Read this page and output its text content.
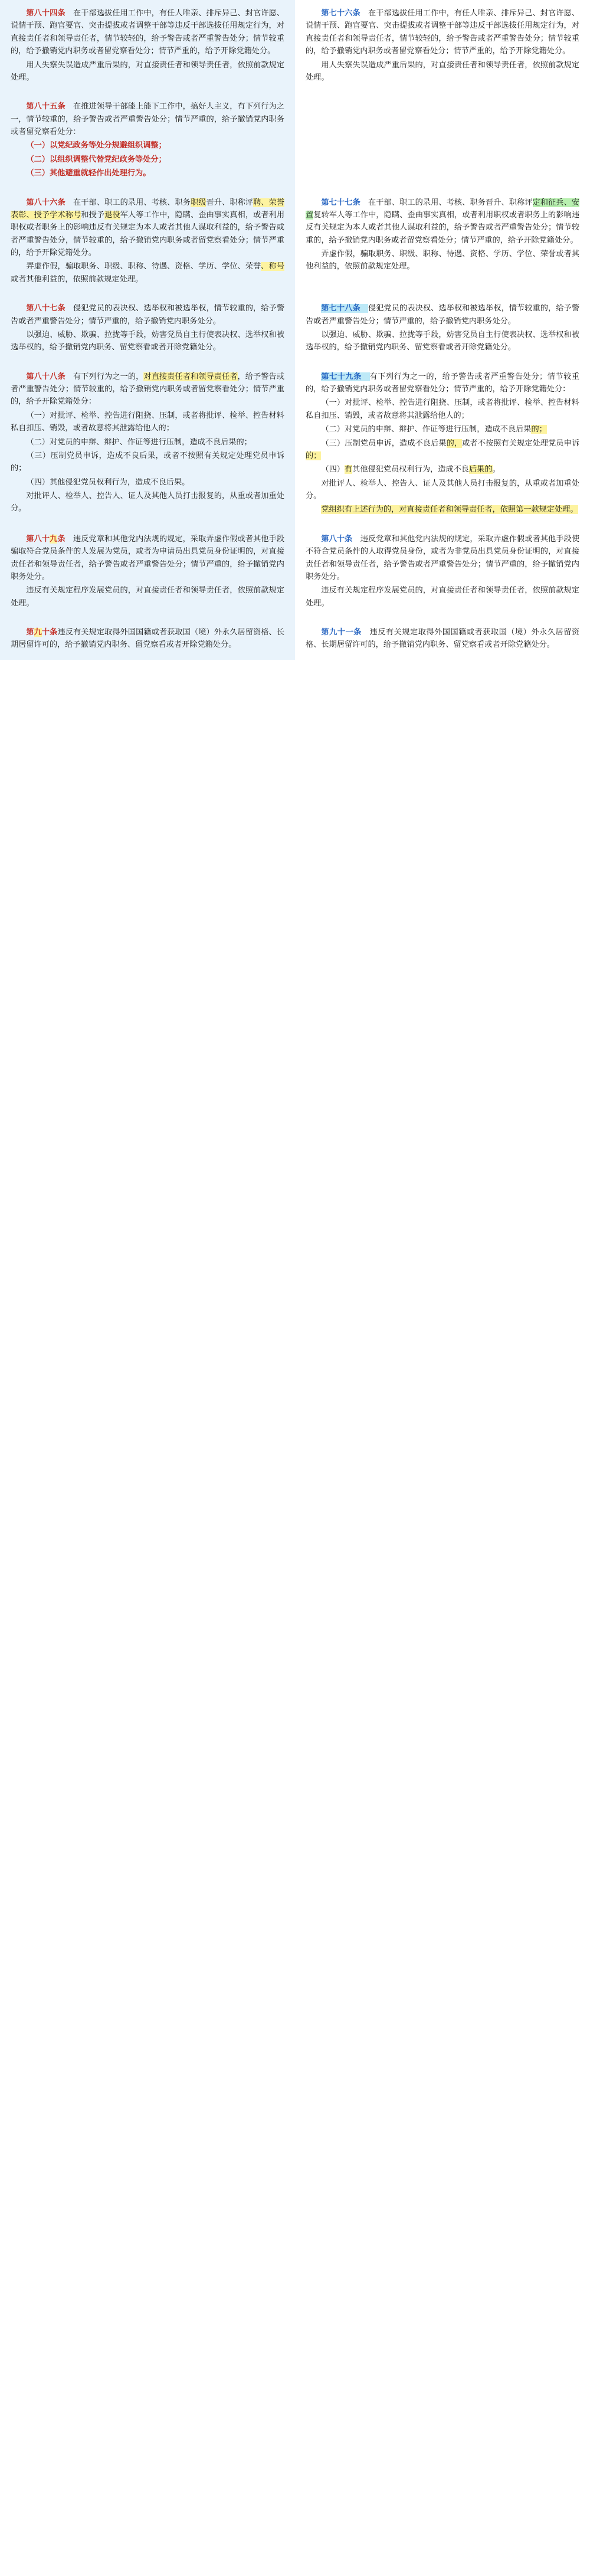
第八十四条　在干部选拔任用工作中，有任人唯亲、排斥异己、封官许愿、说情干预、跑官要官、突击提拔或者调整干部等违反干部选拔任用规定行为，对直接责任者和领导责任者，情节较轻的，给予警告或者严重警告处分；情节较重的，给予撤销党内职务或者留党察看处分；情节严重的，给予开除党籍处分。

用人失察失误造成严重后果的，对直接责任者和领导责任者，依照前款规定处理。

第七十六条　在干部选拔任用工作中，有任人唯亲、排斥异己、封官许愿、说情干预、跑官要官、突击提拔或者调整干部等违反干部选拔任用规定行为，对直接责任者和领导责任者，情节较轻的，给予警告或者严重警告处分；情节较重的，给予撤销党内职务或者留党察看处分；情节严重的，给予开除党籍处分。

用人失察失误造成严重后果的，对直接责任者和领导责任者，依照前款规定处理。

第八十五条　在推进领导干部能上能下工作中，搞好人主义，有下列行为之一，情节较重的，给予警告或者严重警告处分；情节严重的，给予撤销党内职务或者留党察看处分：

（一）以党纪政务等处分规避组织调整；

（二）以组织调整代替党纪政务等处分；

（三）其他避重就轻作出处理行为。

第八十六条　在干部、职工的录用、考核、职务职级晋升、职称评聘、荣誉表彰、授予学术称号和授予退役军人等工作中，隐瞒、歪曲事实真相，或者利用职权或者职务上的影响违反有关规定为本人或者其他人谋取利益的，给予警告或者严重警告处分，情节较重的，给予撤销党内职务或者留党察看处分；情节严重的，给予开除党籍处分。

弄虚作假，骗取职务、职级、职称、待遇、资格、学历、学位、荣誉、称号或者其他利益的，依照前款规定处理。

第七十七条　在干部、职工的录用、考核、职务晋升、职称评定和征兵、安置复转军人等工作中，隐瞒、歪曲事实真相，或者利用职权或者职务上的影响违反有关规定为本人或者其他人谋取利益的，给予警告或者严重警告处分；情节较重的，给予撤销党内职务或者留党察看处分；情节严重的，给予开除党籍处分。

弄虚作假，骗取职务、职级、职称、待遇、资格、学历、学位、荣誉或者其他利益的，依照前款规定处理。

第八十七条　侵犯党员的表决权、选举权和被选举权，情节较重的，给予警告或者严重警告处分；情节严重的，给予撤销党内职务处分。

以强迫、威胁、欺骗、拉拢等手段，妨害党员自主行使表决权、选举权和被选举权的，给予撤销党内职务、留党察看或者开除党籍处分。

第七十八条　侵犯党员的表决权、选举权和被选举权，情节较重的，给予警告或者严重警告处分；情节严重的，给予撤销党内职务处分。

以强迫、威胁、欺骗、拉拢等手段，妨害党员自主行使表决权、选举权和被选举权的，给予撤销党内职务、留党察看或者开除党籍处分。

第八十八条　有下列行为之一的，对直接责任者和领导责任者，给予警告或者严重警告处分；情节较重的，给予撤销党内职务或者留党察看处分；情节严重的，给予开除党籍处分：

（一）对批评、检举、控告进行阻挠、压制，或者将批评、检举、控告材料私自扣压、销毁，或者故意将其泄露给他人的；

（二）对党员的申辩、辩护、作证等进行压制，造成不良后果的；

（三）压制党员申诉，造成不良后果，或者不按照有关规定处理党员申诉的；

（四）其他侵犯党员权利行为，造成不良后果。

对批评人、检举人、控告人、证人及其他人员打击报复的，从重或者加重处分。

第七十九条　有下列行为之一的，给予警告或者严重警告处分；情节较重的，给予撤销党内职务或者留党察看处分；情节严重的，给予开除党籍处分：

（一）对批评、检举、控告进行阻挠、压制，或者将批评、检举、控告材料私自扣压、销毁，或者故意将其泄露给他人的；

（二）对党员的申辩、辩护、作证等进行压制，造成不良后果的；

（三）压制党员申诉，造成不良后果的，或者不按照有关规定处理党员申诉的；

（四）有其他侵犯党员权利行为，造成不良后果的。

对批评人、检举人、控告人、证人及其他人员打击报复的，从重或者加重处分。

党组织有上述行为的，对直接责任者和领导责任者，依照第一款规定处理。

第八十九条　违反党章和其他党内法规的规定，采取弄虚作假或者其他手段骗取符合党员条件的人发展为党员，或者为申请员出具党员身份证明的，对直接责任者和领导责任者，给予警告或者严重警告处分；情节严重的，给予撤销党内职务处分。

违反有关规定程序发展党员的，对直接责任者和领导责任者，依照前款规定处理。

第八十条　违反党章和其他党内法规的规定，采取弄虚作假或者其他手段使不符合党员条件的人取得党员身份，或者为非党员出具党员身份证明的，对直接责任者和领导责任者，给予警告或者严重警告处分；情节严重的，给予撤销党内职务处分。

违反有关规定程序发展党员的，对直接责任者和领导责任者，依照前款规定处理。

第九十条违反有关规定取得外国国籍或者获取国（境）外永久居留资格、长期居留许可的，给予撤销党内职务、留党察看或者开除党籍处分。

第九十一条　违反有关规定取得外国国籍或者获取国（境）外永久居留资格、长期居留许可的，给予撤销党内职务、留党察看或者开除党籍处分。
